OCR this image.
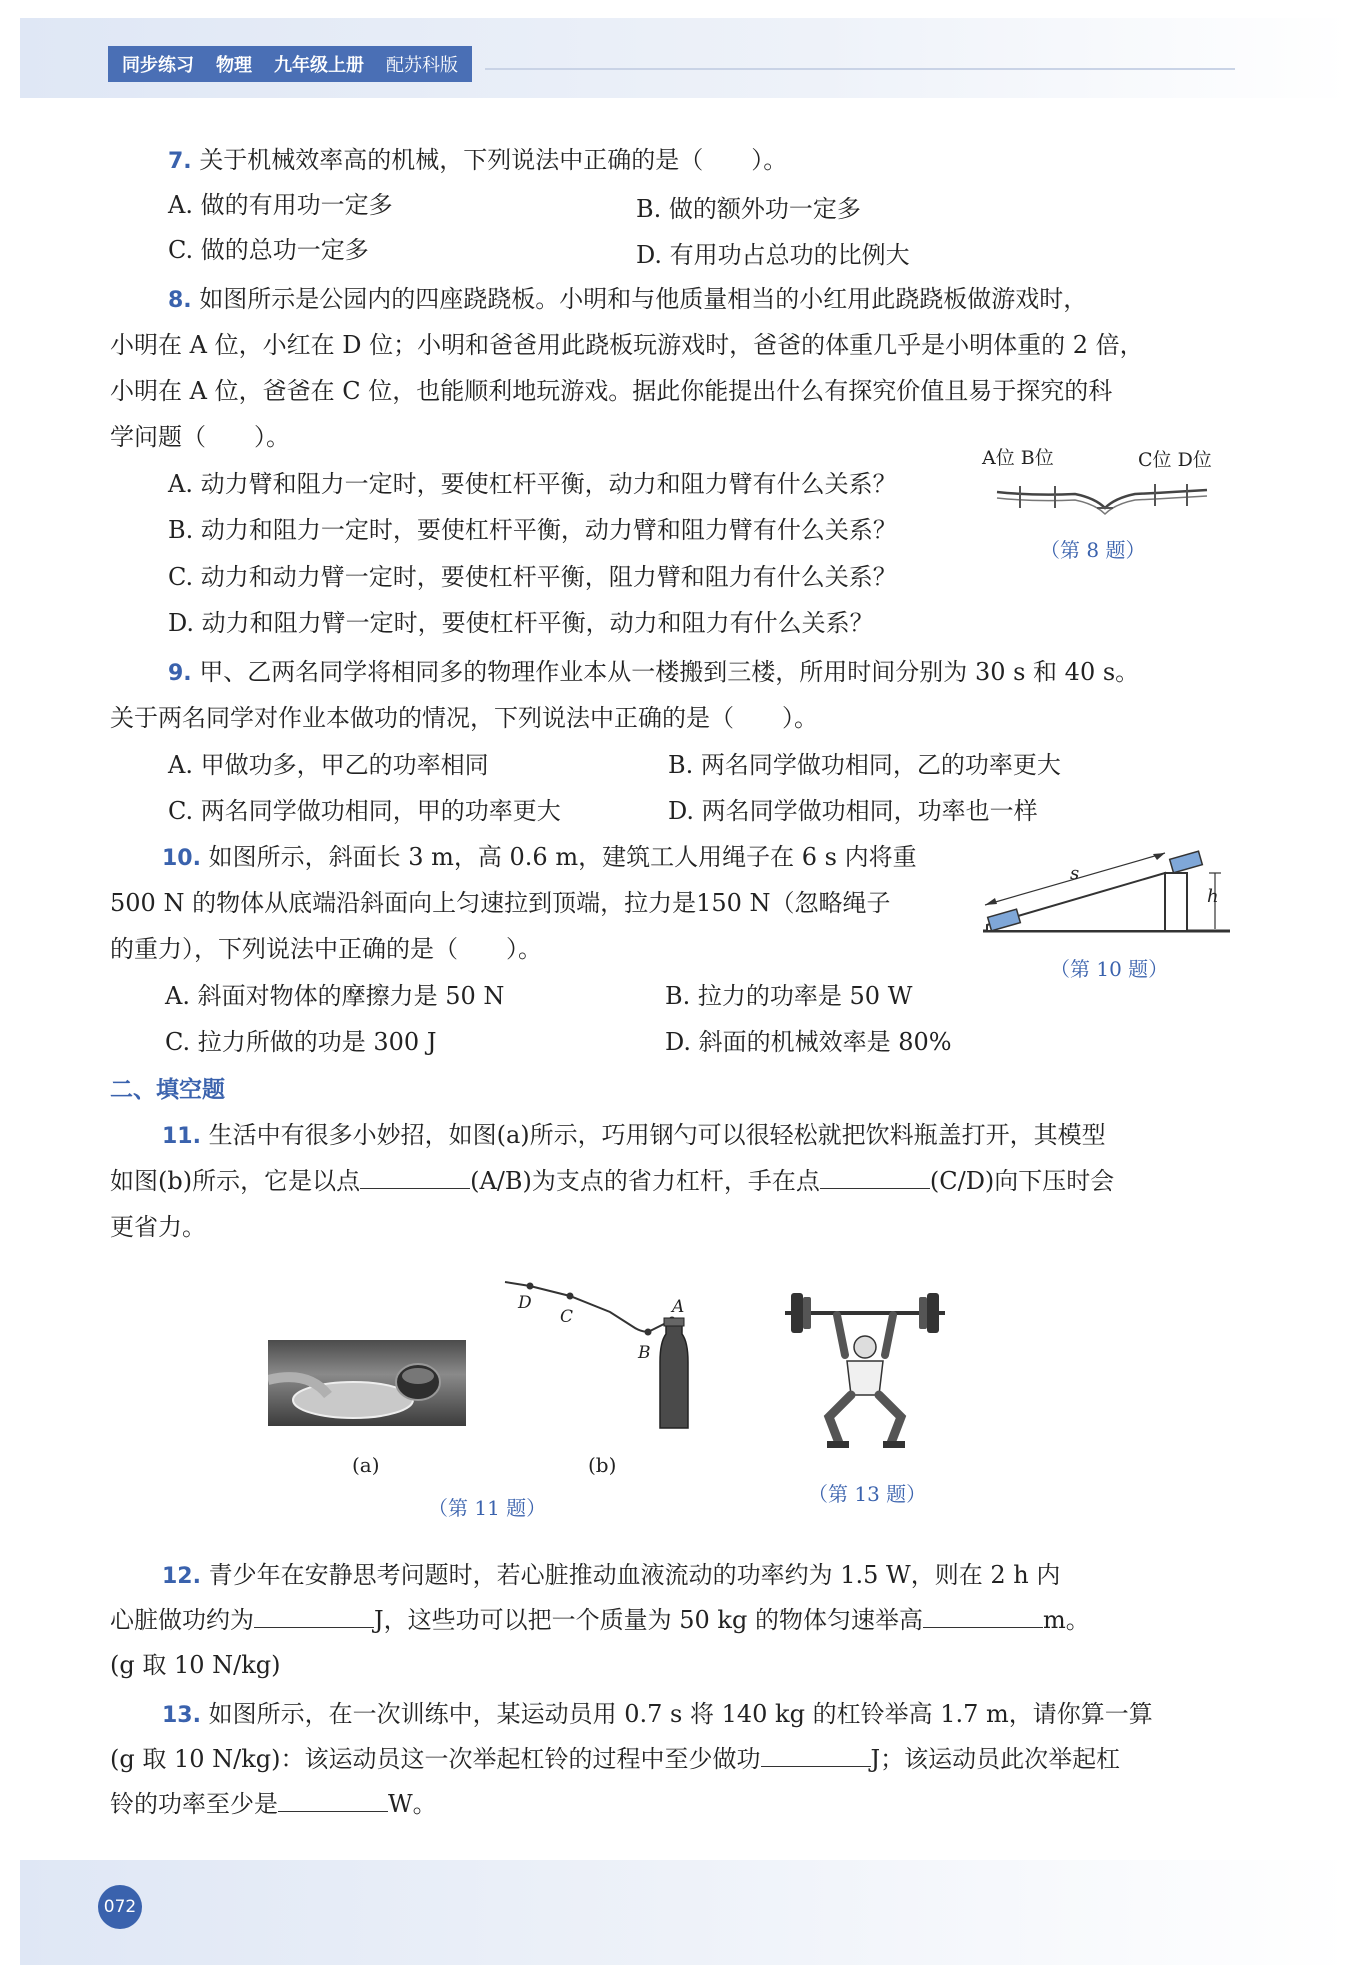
同步练习 物理 九年级上册 配苏科版
7. 关于机械效率高的机械，下列说法中正确的是（　　）。
A. 做的有用功一定多	B. 做的额外功一定多
C. 做的总功一定多	D. 有用功占总功的比例大
8. 如图所示是公园内的四座跷跷板。小明和与他质量相当的小红用此跷跷板做游戏时，
小明在 A 位，小红在 D 位；小明和爸爸用此跷板玩游戏时，爸爸的体重几乎是小明体重的 2 倍，
小明在 A 位，爸爸在 C 位，也能顺利地玩游戏。据此你能提出什么有探究价值且易于探究的科
学问题（　　）。
A. 动力臂和阻力一定时，要使杠杆平衡，动力和阻力臂有什么关系？
B. 动力和阻力一定时，要使杠杆平衡，动力臂和阻力臂有什么关系？
C. 动力和动力臂一定时，要使杠杆平衡，阻力臂和阻力有什么关系？
D. 动力和阻力臂一定时，要使杠杆平衡，动力和阻力有什么关系？
A位 B位	C位 D位
（第 8 题）
9. 甲、乙两名同学将相同多的物理作业本从一楼搬到三楼，所用时间分别为 30 s 和 40 s。
关于两名同学对作业本做功的情况，下列说法中正确的是（　　）。
A. 甲做功多，甲乙的功率相同	B. 两名同学做功相同，乙的功率更大
C. 两名同学做功相同，甲的功率更大	D. 两名同学做功相同，功率也一样
10. 如图所示，斜面长 3 m，高 0.6 m，建筑工人用绳子在 6 s 内将重
500 N 的物体从底端沿斜面向上匀速拉到顶端，拉力是150 N（忽略绳子
的重力），下列说法中正确的是（　　）。
A. 斜面对物体的摩擦力是 50 N	B. 拉力的功率是 50 W
C. 拉力所做的功是 300 J	D. 斜面的机械效率是 80%
s
h
（第 10 题）
二、填空题
11. 生活中有很多小妙招，如图(a)所示，巧用钢勺可以很轻松就把饮料瓶盖打开，其模型
如图(b)所示，它是以点	(A/B)为支点的省力杠杆，手在点	(C/D)向下压时会
更省力。
(a)
D
C
B
A
(b)
（第 11 题）
（第 13 题）
12. 青少年在安静思考问题时，若心脏推动血液流动的功率约为 1.5 W，则在 2 h 内
心脏做功约为	J，这些功可以把一个质量为 50 kg 的物体匀速举高	m。
(g 取 10 N/kg)
13. 如图所示，在一次训练中，某运动员用 0.7 s 将 140 kg 的杠铃举高 1.7 m，请你算一算
(g 取 10 N/kg)：该运动员这一次举起杠铃的过程中至少做功	J；该运动员此次举起杠
铃的功率至少是	W。
072
